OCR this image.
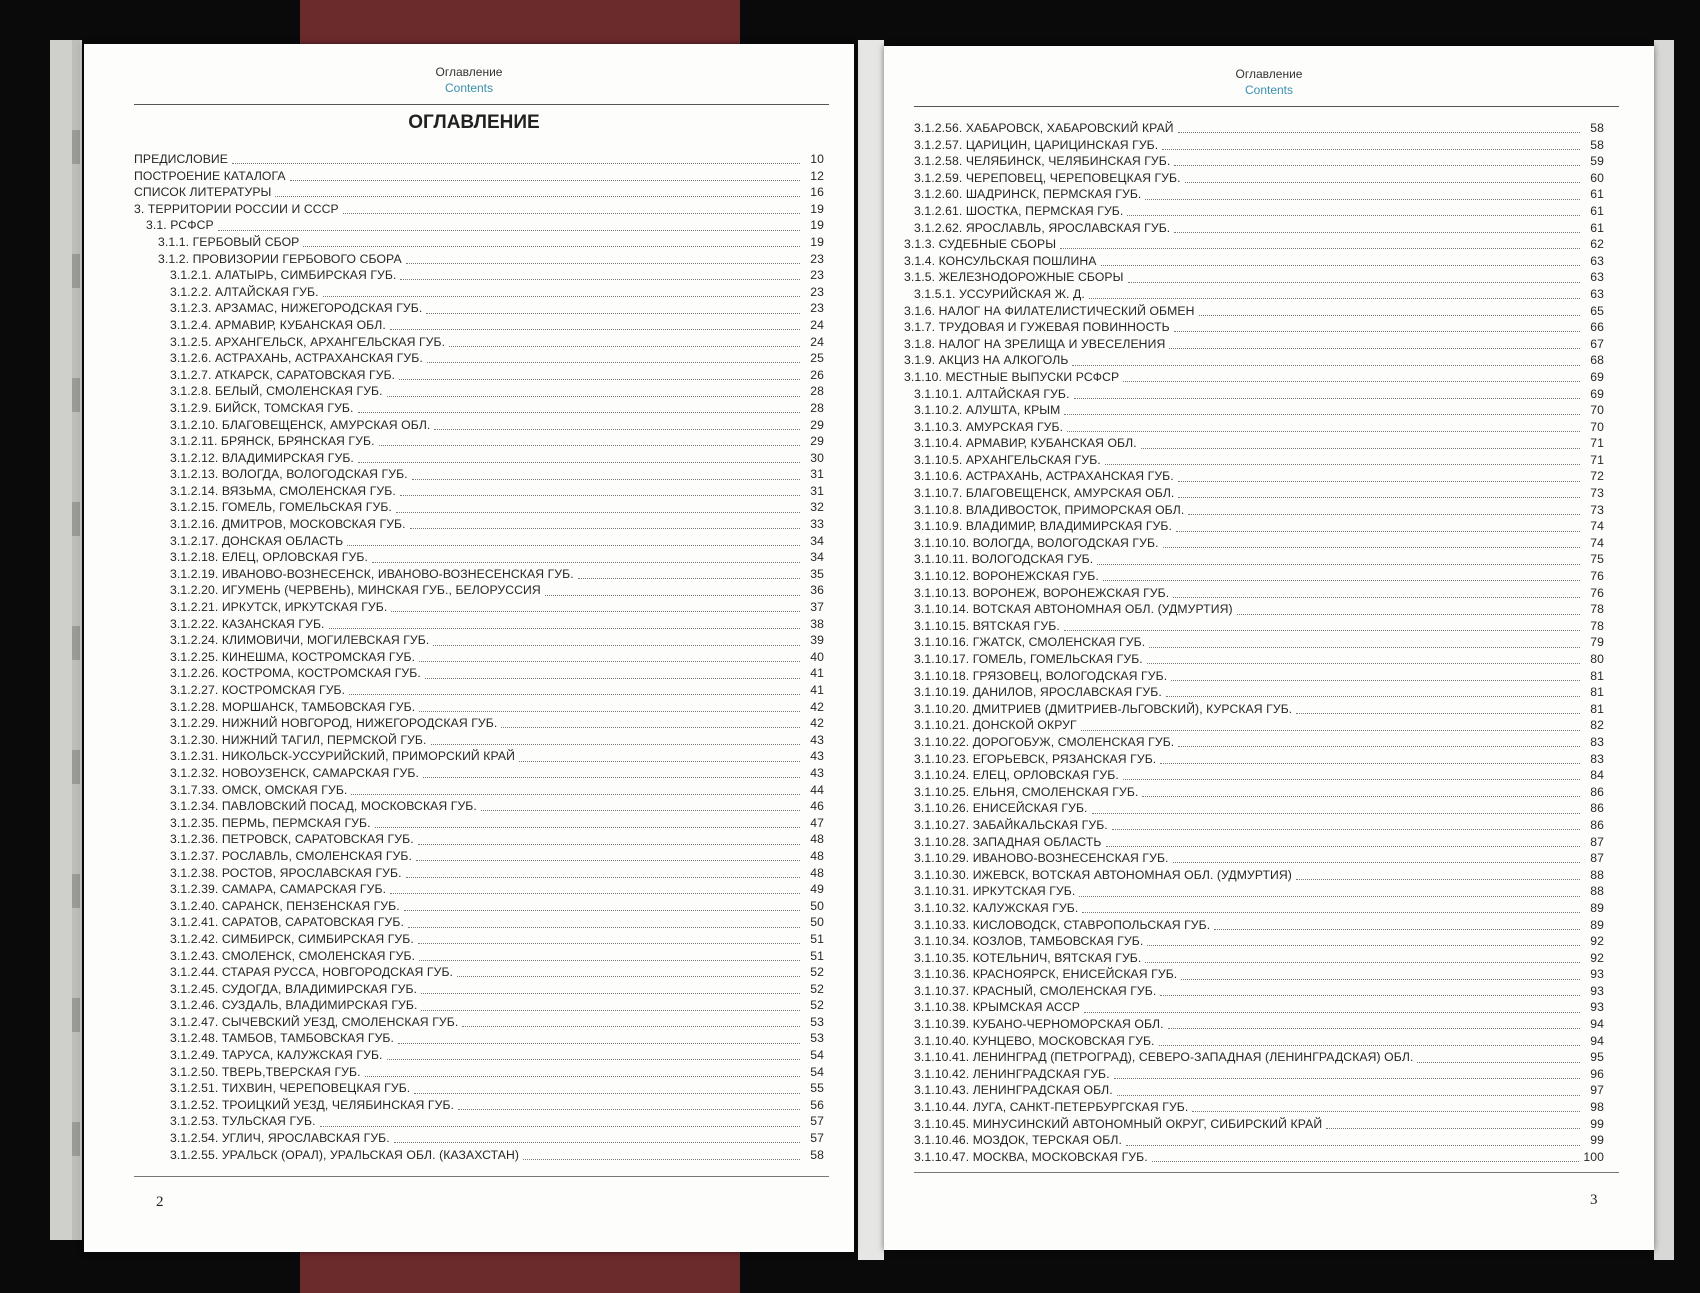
Оглавление
Contents
ОГЛАВЛЕНИЕ
ПРЕДИСЛОВИЕ	10
ПОСТРОЕНИЕ КАТАЛОГА	12
СПИСОК ЛИТЕРАТУРЫ	16
3. ТЕРРИТОРИИ РОССИИ И СССР	19
3.1. РСФСР	19
3.1.1. ГЕРБОВЫЙ СБОР	19
3.1.2. ПРОВИЗОРИИ ГЕРБОВОГО СБОРА	23
3.1.2.1. АЛАТЫРЬ, СИМБИРСКАЯ ГУБ.	23
3.1.2.2. АЛТАЙСКАЯ ГУБ.	23
3.1.2.3. АРЗАМАС, НИЖЕГОРОДСКАЯ ГУБ.	23
3.1.2.4. АРМАВИР, КУБАНСКАЯ ОБЛ.	24
3.1.2.5. АРХАНГЕЛЬСК, АРХАНГЕЛЬСКАЯ ГУБ.	24
3.1.2.6. АСТРАХАНЬ, АСТРАХАНСКАЯ ГУБ.	25
3.1.2.7. АТКАРСК, САРАТОВСКАЯ ГУБ.	26
3.1.2.8. БЕЛЫЙ, СМОЛЕНСКАЯ ГУБ.	28
3.1.2.9. БИЙСК, ТОМСКАЯ ГУБ.	28
3.1.2.10. БЛАГОВЕЩЕНСК, АМУРСКАЯ ОБЛ.	29
3.1.2.11. БРЯНСК, БРЯНСКАЯ ГУБ.	29
3.1.2.12. ВЛАДИМИРСКАЯ ГУБ.	30
3.1.2.13. ВОЛОГДА, ВОЛОГОДСКАЯ ГУБ.	31
3.1.2.14. ВЯЗЬМА, СМОЛЕНСКАЯ ГУБ.	31
3.1.2.15. ГОМЕЛЬ, ГОМЕЛЬСКАЯ ГУБ.	32
3.1.2.16. ДМИТРОВ, МОСКОВСКАЯ ГУБ.	33
3.1.2.17. ДОНСКАЯ ОБЛАСТЬ	34
3.1.2.18. ЕЛЕЦ, ОРЛОВСКАЯ ГУБ.	34
3.1.2.19. ИВАНОВО-ВОЗНЕСЕНСК, ИВАНОВО-ВОЗНЕСЕНСКАЯ ГУБ.	35
3.1.2.20. ИГУМЕНЬ (ЧЕРВЕНЬ), МИНСКАЯ ГУБ., БЕЛОРУССИЯ	36
3.1.2.21. ИРКУТСК, ИРКУТСКАЯ ГУБ.	37
3.1.2.22. КАЗАНСКАЯ ГУБ.	38
3.1.2.24. КЛИМОВИЧИ, МОГИЛЕВСКАЯ ГУБ.	39
3.1.2.25. КИНЕШМА, КОСТРОМСКАЯ ГУБ.	40
3.1.2.26. КОСТРОМА, КОСТРОМСКАЯ ГУБ.	41
3.1.2.27. КОСТРОМСКАЯ ГУБ.	41
3.1.2.28. МОРШАНСК, ТАМБОВСКАЯ ГУБ.	42
3.1.2.29. НИЖНИЙ НОВГОРОД, НИЖЕГОРОДСКАЯ ГУБ.	42
3.1.2.30. НИЖНИЙ ТАГИЛ, ПЕРМСКОЙ ГУБ.	43
3.1.2.31. НИКОЛЬСК-УССУРИЙСКИЙ, ПРИМОРСКИЙ КРАЙ	43
3.1.2.32. НОВОУЗЕНСК, САМАРСКАЯ ГУБ.	43
3.1.7.33. ОМСК, ОМСКАЯ ГУБ.	44
3.1.2.34. ПАВЛОВСКИЙ ПОСАД, МОСКОВСКАЯ ГУБ.	46
3.1.2.35. ПЕРМЬ, ПЕРМСКАЯ ГУБ.	47
3.1.2.36. ПЕТРОВСК, САРАТОВСКАЯ ГУБ.	48
3.1.2.37. РОСЛАВЛЬ, СМОЛЕНСКАЯ ГУБ.	48
3.1.2.38. РОСТОВ, ЯРОСЛАВСКАЯ ГУБ.	48
3.1.2.39. САМАРА, САМАРСКАЯ ГУБ.	49
3.1.2.40. САРАНСК, ПЕНЗЕНСКАЯ ГУБ.	50
3.1.2.41. САРАТОВ, САРАТОВСКАЯ ГУБ.	50
3.1.2.42. СИМБИРСК, СИМБИРСКАЯ ГУБ.	51
3.1.2.43. СМОЛЕНСК, СМОЛЕНСКАЯ ГУБ.	51
3.1.2.44. СТАРАЯ РУССА, НОВГОРОДСКАЯ ГУБ.	52
3.1.2.45. СУДОГДА, ВЛАДИМИРСКАЯ ГУБ.	52
3.1.2.46. СУЗДАЛЬ, ВЛАДИМИРСКАЯ ГУБ.	52
3.1.2.47. СЫЧЕВСКИЙ УЕЗД, СМОЛЕНСКАЯ ГУБ.	53
3.1.2.48. ТАМБОВ, ТАМБОВСКАЯ ГУБ.	53
3.1.2.49. ТАРУСА, КАЛУЖСКАЯ ГУБ.	54
3.1.2.50. ТВЕРЬ,ТВЕРСКАЯ ГУБ.	54
3.1.2.51. ТИХВИН, ЧЕРЕПОВЕЦКАЯ ГУБ.	55
3.1.2.52. ТРОИЦКИЙ УЕЗД, ЧЕЛЯБИНСКАЯ ГУБ.	56
3.1.2.53. ТУЛЬСКАЯ ГУБ.	57
3.1.2.54. УГЛИЧ, ЯРОСЛАВСКАЯ ГУБ.	57
3.1.2.55. УРАЛЬСК (ОРАЛ), УРАЛЬСКАЯ ОБЛ. (КАЗАХСТАН)	58
2
Оглавление
Contents
3.1.2.56. ХАБАРОВСК, ХАБАРОВСКИЙ КРАЙ	58
3.1.2.57. ЦАРИЦИН, ЦАРИЦИНСКАЯ ГУБ.	58
3.1.2.58. ЧЕЛЯБИНСК, ЧЕЛЯБИНСКАЯ ГУБ.	59
3.1.2.59. ЧЕРЕПОВЕЦ, ЧЕРЕПОВЕЦКАЯ ГУБ.	60
3.1.2.60. ШАДРИНСК, ПЕРМСКАЯ ГУБ.	61
3.1.2.61. ШОСТКА, ПЕРМСКАЯ ГУБ.	61
3.1.2.62. ЯРОСЛАВЛЬ, ЯРОСЛАВСКАЯ ГУБ.	61
3.1.3. СУДЕБНЫЕ СБОРЫ	62
3.1.4. КОНСУЛЬСКАЯ ПОШЛИНА	63
3.1.5. ЖЕЛЕЗНОДОРОЖНЫЕ СБОРЫ	63
3.1.5.1. УССУРИЙСКАЯ Ж. Д.	63
3.1.6. НАЛОГ НА ФИЛАТЕЛИСТИЧЕСКИЙ ОБМЕН	65
3.1.7. ТРУДОВАЯ И ГУЖЕВАЯ ПОВИННОСТЬ	66
3.1.8. НАЛОГ НА ЗРЕЛИЩА И УВЕСЕЛЕНИЯ	67
3.1.9. АКЦИЗ НА АЛКОГОЛЬ	68
3.1.10. МЕСТНЫЕ ВЫПУСКИ РСФСР	69
3.1.10.1. АЛТАЙСКАЯ ГУБ.	69
3.1.10.2. АЛУШТА, КРЫМ	70
3.1.10.3. АМУРСКАЯ ГУБ.	70
3.1.10.4. АРМАВИР, КУБАНСКАЯ ОБЛ.	71
3.1.10.5. АРХАНГЕЛЬСКАЯ ГУБ.	71
3.1.10.6. АСТРАХАНЬ, АСТРАХАНСКАЯ ГУБ.	72
3.1.10.7. БЛАГОВЕЩЕНСК, АМУРСКАЯ ОБЛ.	73
3.1.10.8. ВЛАДИВОСТОК, ПРИМОРСКАЯ ОБЛ.	73
3.1.10.9. ВЛАДИМИР, ВЛАДИМИРСКАЯ ГУБ.	74
3.1.10.10. ВОЛОГДА, ВОЛОГОДСКАЯ ГУБ.	74
3.1.10.11. ВОЛОГОДСКАЯ ГУБ.	75
3.1.10.12. ВОРОНЕЖСКАЯ ГУБ.	76
3.1.10.13. ВОРОНЕЖ, ВОРОНЕЖСКАЯ ГУБ.	76
3.1.10.14. ВОТСКАЯ АВТОНОМНАЯ ОБЛ. (УДМУРТИЯ)	78
3.1.10.15. ВЯТСКАЯ ГУБ.	78
3.1.10.16. ГЖАТСК, СМОЛЕНСКАЯ ГУБ.	79
3.1.10.17. ГОМЕЛЬ, ГОМЕЛЬСКАЯ ГУБ.	80
3.1.10.18. ГРЯЗОВЕЦ, ВОЛОГОДСКАЯ ГУБ.	81
3.1.10.19. ДАНИЛОВ, ЯРОСЛАВСКАЯ ГУБ.	81
3.1.10.20. ДМИТРИЕВ (ДМИТРИЕВ-ЛЬГОВСКИЙ), КУРСКАЯ ГУБ.	81
3.1.10.21. ДОНСКОЙ ОКРУГ	82
3.1.10.22. ДОРОГОБУЖ, СМОЛЕНСКАЯ ГУБ.	83
3.1.10.23. ЕГОРЬЕВСК, РЯЗАНСКАЯ ГУБ.	83
3.1.10.24. ЕЛЕЦ, ОРЛОВСКАЯ ГУБ.	84
3.1.10.25. ЕЛЬНЯ, СМОЛЕНСКАЯ ГУБ.	86
3.1.10.26. ЕНИСЕЙСКАЯ ГУБ.	86
3.1.10.27. ЗАБАЙКАЛЬСКАЯ ГУБ.	86
3.1.10.28. ЗАПАДНАЯ ОБЛАСТЬ	87
3.1.10.29. ИВАНОВО-ВОЗНЕСЕНСКАЯ ГУБ.	87
3.1.10.30. ИЖЕВСК, ВОТСКАЯ АВТОНОМНАЯ ОБЛ. (УДМУРТИЯ)	88
3.1.10.31. ИРКУТСКАЯ ГУБ.	88
3.1.10.32. КАЛУЖСКАЯ ГУБ.	89
3.1.10.33. КИСЛОВОДСК, СТАВРОПОЛЬСКАЯ ГУБ.	89
3.1.10.34. КОЗЛОВ, ТАМБОВСКАЯ ГУБ.	92
3.1.10.35. КОТЕЛЬНИЧ, ВЯТСКАЯ ГУБ.	92
3.1.10.36. КРАСНОЯРСК, ЕНИСЕЙСКАЯ ГУБ.	93
3.1.10.37. КРАСНЫЙ, СМОЛЕНСКАЯ ГУБ.	93
3.1.10.38. КРЫМСКАЯ АССР	93
3.1.10.39. КУБАНО-ЧЕРНОМОРСКАЯ ОБЛ.	94
3.1.10.40. КУНЦЕВО, МОСКОВСКАЯ ГУБ.	94
3.1.10.41. ЛЕНИНГРАД (ПЕТРОГРАД), СЕВЕРО-ЗАПАДНАЯ (ЛЕНИНГРАДСКАЯ) ОБЛ.	95
3.1.10.42. ЛЕНИНГРАДСКАЯ ГУБ.	96
3.1.10.43. ЛЕНИНГРАДСКАЯ ОБЛ.	97
3.1.10.44. ЛУГА, САНКТ-ПЕТЕРБУРГСКАЯ ГУБ.	98
3.1.10.45. МИНУСИНСКИЙ АВТОНОМНЫЙ ОКРУГ, СИБИРСКИЙ КРАЙ	99
3.1.10.46. МОЗДОК, ТЕРСКАЯ ОБЛ.	99
3.1.10.47. МОСКВА, МОСКОВСКАЯ ГУБ.	100
3
